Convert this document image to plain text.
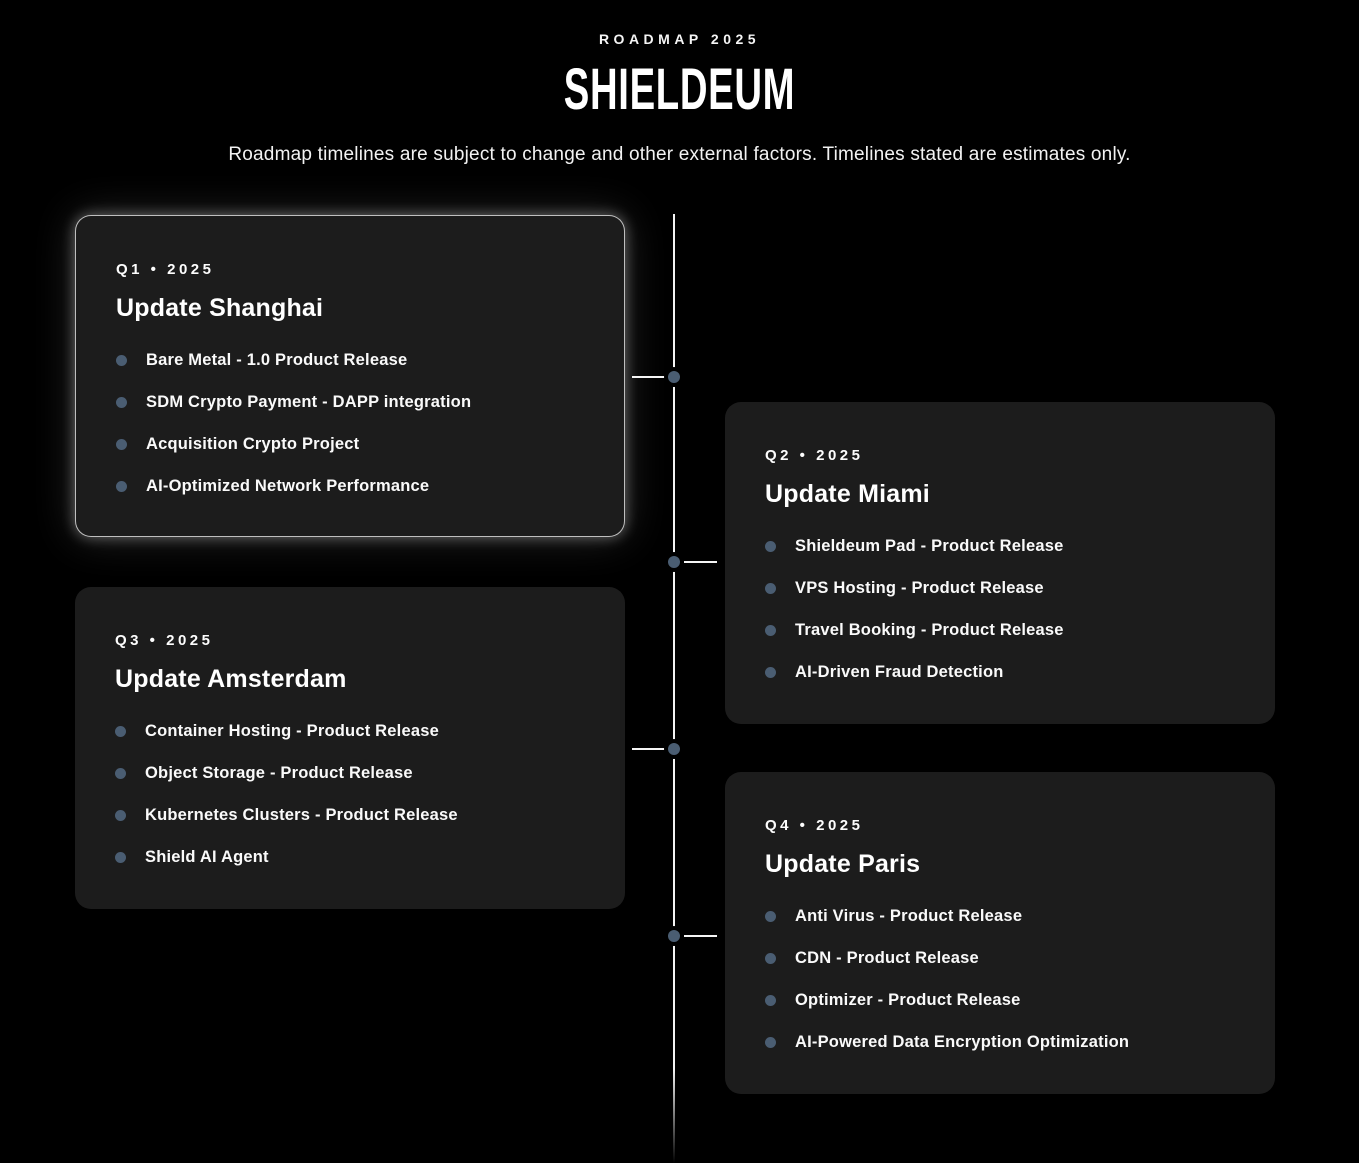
ROADMAP 2025
SHIELDEUM
Roadmap timelines are subject to change and other external factors. Timelines stated are estimates only.
Q1 • 2025
Update Shanghai
Bare Metal - 1.0 Product Release
SDM Crypto Payment - DAPP integration
Acquisition Crypto Project
AI-Optimized Network Performance
Q2 • 2025
Update Miami
Shieldeum Pad - Product Release
VPS Hosting - Product Release
Travel Booking - Product Release
AI-Driven Fraud Detection
Q3 • 2025
Update Amsterdam
Container Hosting - Product Release
Object Storage - Product Release
Kubernetes Clusters - Product Release
Shield AI Agent
Q4 • 2025
Update Paris
Anti Virus - Product Release
CDN - Product Release
Optimizer - Product Release
AI-Powered Data Encryption Optimization
